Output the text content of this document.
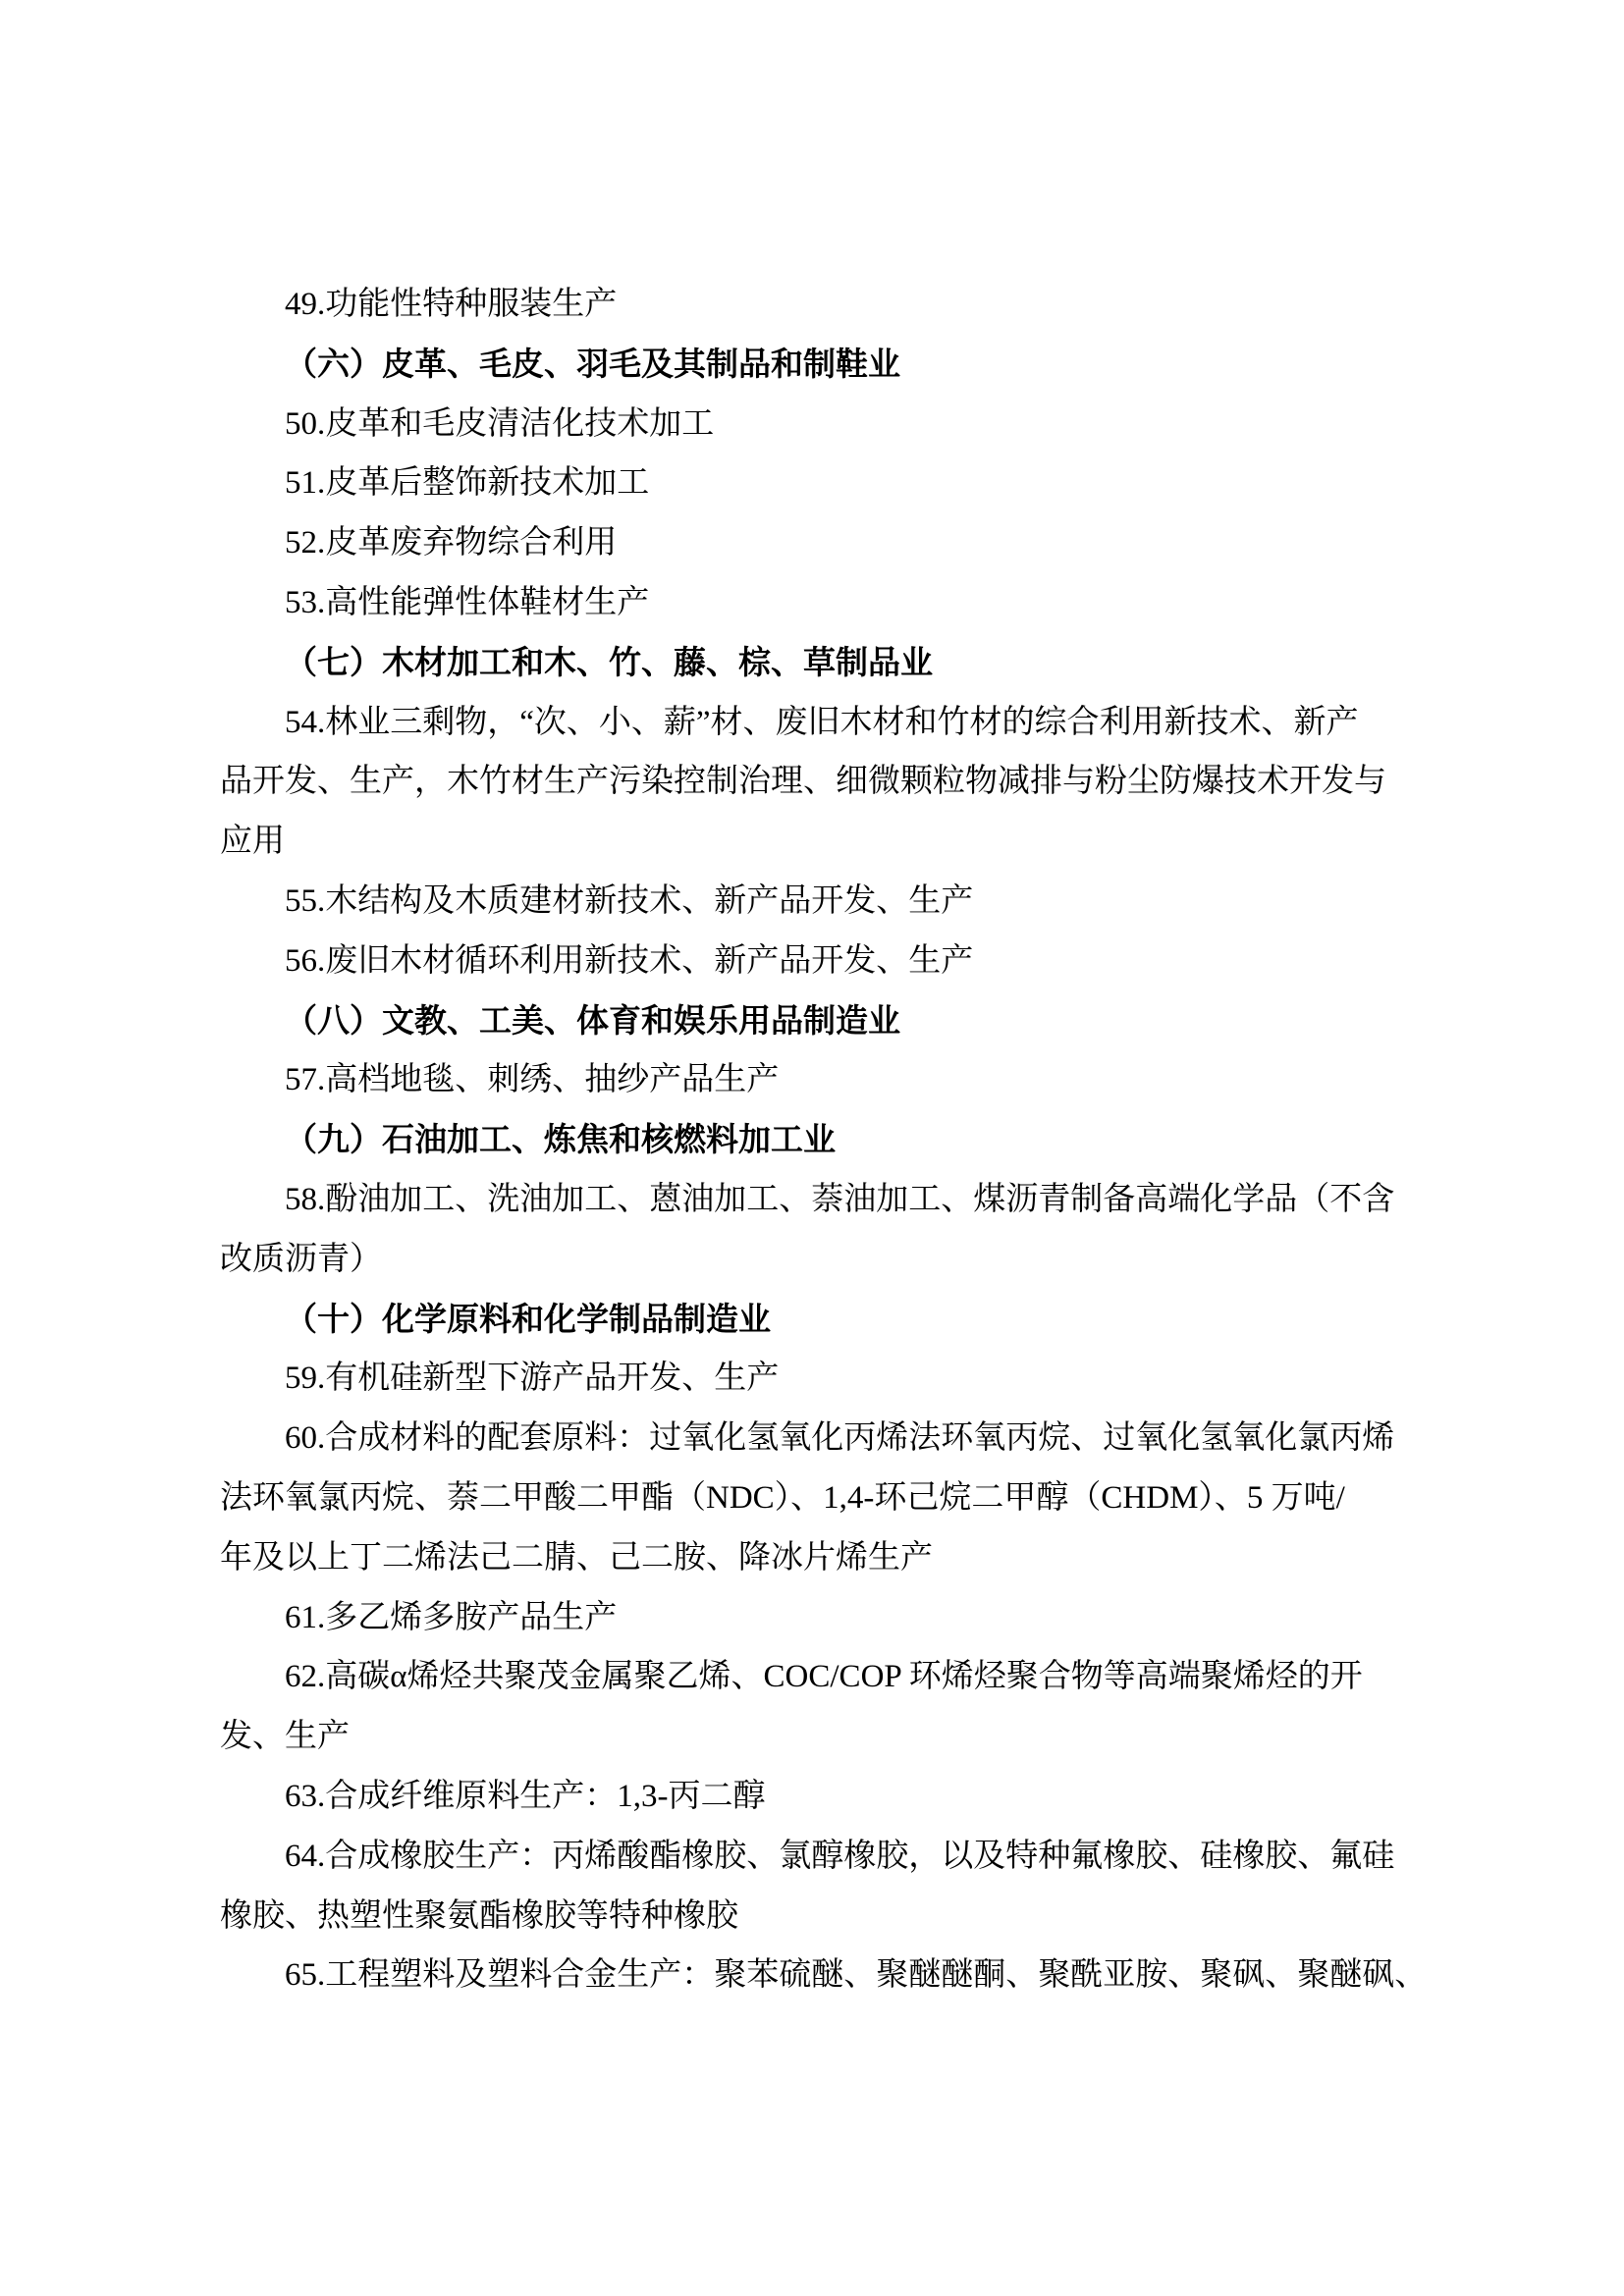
49.功能性特种服装生产
（六）皮革、毛皮、羽毛及其制品和制鞋业
50.皮革和毛皮清洁化技术加工
51.皮革后整饰新技术加工
52.皮革废弃物综合利用
53.高性能弹性体鞋材生产
（七）木材加工和木、竹、藤、棕、草制品业
54.林业三剩物，“次、小、薪”材、废旧木材和竹材的综合利用新技术、新产
品开发、生产，木竹材生产污染控制治理、细微颗粒物减排与粉尘防爆技术开发与
应用
55.木结构及木质建材新技术、新产品开发、生产
56.废旧木材循环利用新技术、新产品开发、生产
（八）文教、工美、体育和娱乐用品制造业
57.高档地毯、刺绣、抽纱产品生产
（九）石油加工、炼焦和核燃料加工业
58.酚油加工、洗油加工、蒽油加工、萘油加工、煤沥青制备高端化学品（不含
改质沥青）
（十）化学原料和化学制品制造业
59.有机硅新型下游产品开发、生产
60.合成材料的配套原料：过氧化氢氧化丙烯法环氧丙烷、过氧化氢氧化氯丙烯
法环氧氯丙烷、萘二甲酸二甲酯（NDC）、1,4-环己烷二甲醇（CHDM）、5 万吨/
年及以上丁二烯法己二腈、己二胺、降冰片烯生产
61.多乙烯多胺产品生产
62.高碳α烯烃共聚茂金属聚乙烯、COC/COP 环烯烃聚合物等高端聚烯烃的开
发、生产
63.合成纤维原料生产：1,3-丙二醇
64.合成橡胶生产：丙烯酸酯橡胶、氯醇橡胶，以及特种氟橡胶、硅橡胶、氟硅
橡胶、热塑性聚氨酯橡胶等特种橡胶
65.工程塑料及塑料合金生产：聚苯硫醚、聚醚醚酮、聚酰亚胺、聚砜、聚醚砜、
